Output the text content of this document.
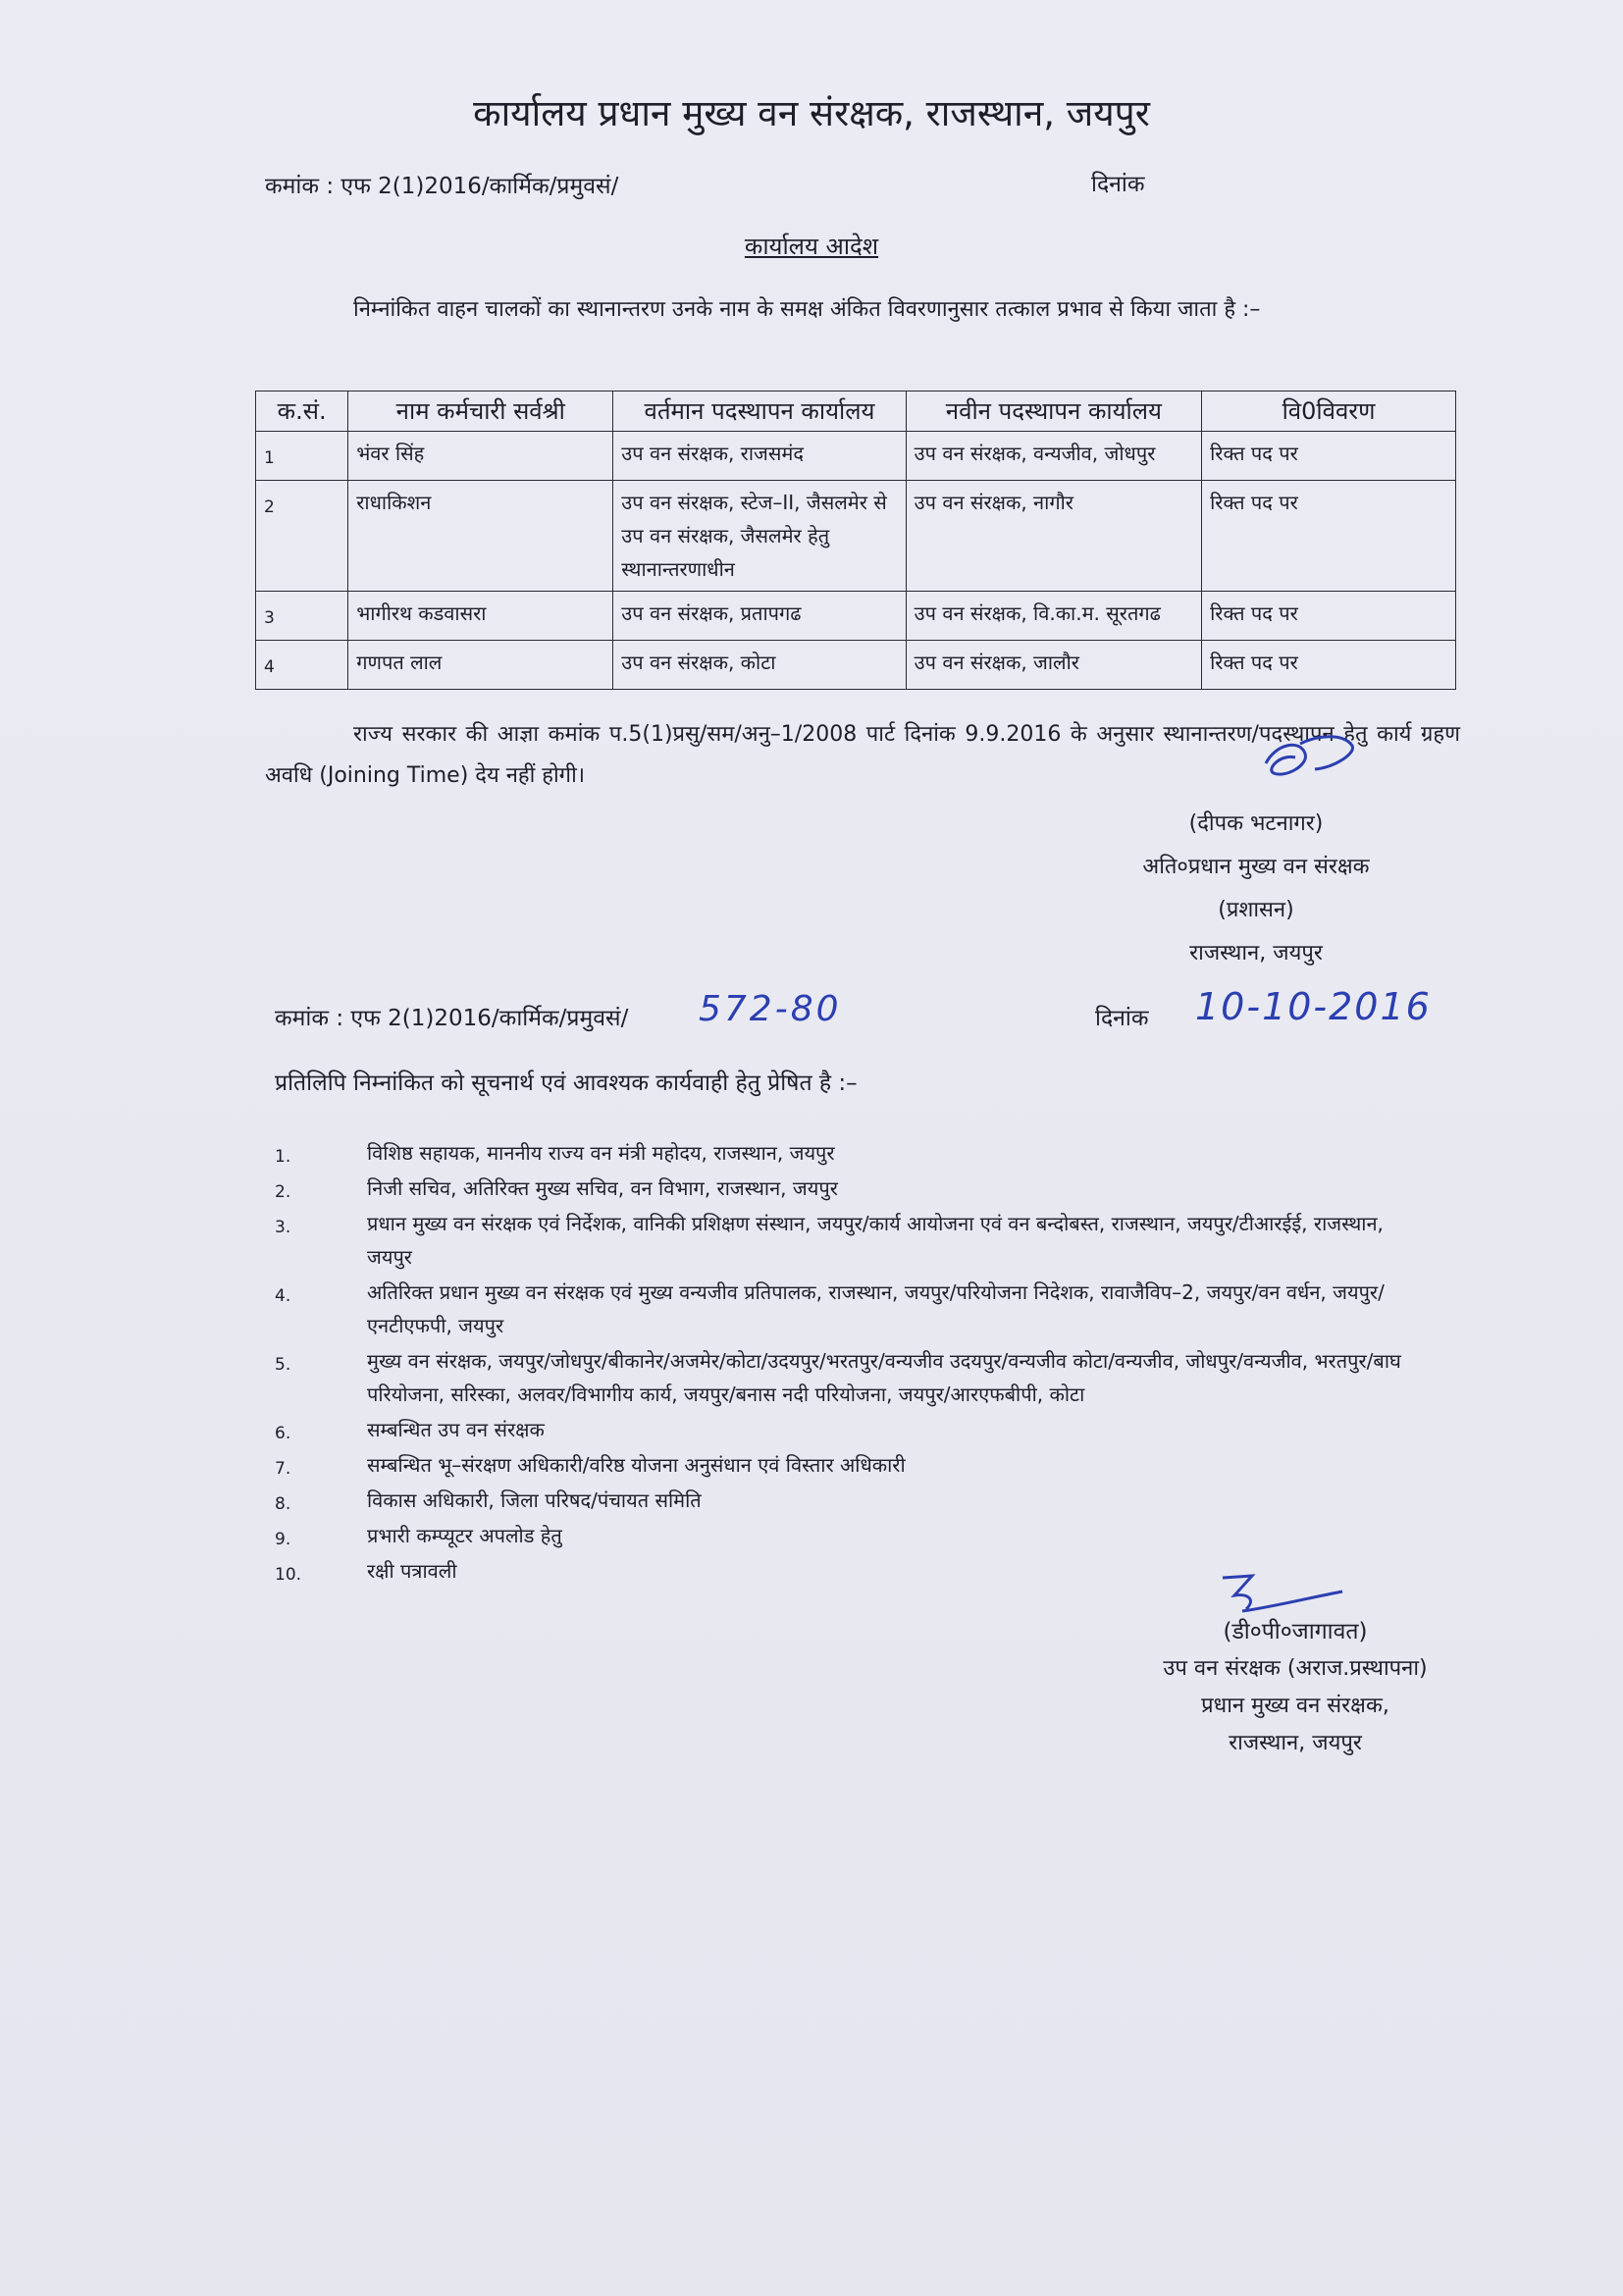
कार्यालय प्रधान मुख्य वन संरक्षक, राजस्थान, जयपुर
कमांक : एफ 2(1)2016/कार्मिक/प्रमुवसं/	दिनांक
कार्यालय आदेश
निम्नांकित वाहन चालकों का स्थानान्तरण उनके नाम के समक्ष अंकित विवरणानुसार तत्काल प्रभाव से किया जाता है :–
क.सं.	नाम कर्मचारी सर्वश्री	वर्तमान पदस्थापन कार्यालय	नवीन पदस्थापन कार्यालय	वि0विवरण
1	भंवर सिंह	उप वन संरक्षक, राजसमंद	उप वन संरक्षक, वन्यजीव, जोधपुर	रिक्त पद पर
2	राधाकिशन	उप वन संरक्षक, स्टेज–II, जैसलमेर से उप वन संरक्षक, जैसलमेर हेतु स्थानान्तरणाधीन	उप वन संरक्षक, नागौर	रिक्त पद पर
3	भागीरथ कडवासरा	उप वन संरक्षक, प्रतापगढ	उप वन संरक्षक, वि.का.म. सूरतगढ	रिक्त पद पर
4	गणपत लाल	उप वन संरक्षक, कोटा	उप वन संरक्षक, जालौर	रिक्त पद पर
राज्य सरकार की आज्ञा कमांक प.5(1)प्रसु/सम/अनु–1/2008 पार्ट दिनांक 9.9.2016 के अनुसार स्थानान्तरण/पदस्थापन हेतु कार्य ग्रहण अवधि (Joining Time) देय नहीं होगी।
(दीपक भटनागर)
अति०प्रधान मुख्य वन संरक्षक
(प्रशासन)
राजस्थान, जयपुर
कमांक : एफ 2(1)2016/कार्मिक/प्रमुवसं/ 572-80	दिनांक 10-10-2016
प्रतिलिपि निम्नांकित को सूचनार्थ एवं आवश्यक कार्यवाही हेतु प्रेषित है :–
1.	विशिष्ठ सहायक, माननीय राज्य वन मंत्री महोदय, राजस्थान, जयपुर
2.	निजी सचिव, अतिरिक्त मुख्य सचिव, वन विभाग, राजस्थान, जयपुर
3.	प्रधान मुख्य वन संरक्षक एवं निर्देशक, वानिकी प्रशिक्षण संस्थान, जयपुर/कार्य आयोजना एवं वन बन्दोबस्त, राजस्थान, जयपुर/टीआरईई, राजस्थान, जयपुर
4.	अतिरिक्त प्रधान मुख्य वन संरक्षक एवं मुख्य वन्यजीव प्रतिपालक, राजस्थान, जयपुर/परियोजना निदेशक, रावाजैविप–2, जयपुर/वन वर्धन, जयपुर/एनटीएफपी, जयपुर
5.	मुख्य वन संरक्षक, जयपुर/जोधपुर/बीकानेर/अजमेर/कोटा/उदयपुर/भरतपुर/वन्यजीव उदयपुर/वन्यजीव कोटा/वन्यजीव, जोधपुर/वन्यजीव, भरतपुर/बाघ परियोजना, सरिस्का, अलवर/विभागीय कार्य, जयपुर/बनास नदी परियोजना, जयपुर/आरएफबीपी, कोटा
6.	सम्बन्धित उप वन संरक्षक
7.	सम्बन्धित भू–संरक्षण अधिकारी/वरिष्ठ योजना अनुसंधान एवं विस्तार अधिकारी
8.	विकास अधिकारी, जिला परिषद/पंचायत समिति
9.	प्रभारी कम्प्यूटर अपलोड हेतु
10.	रक्षी पत्रावली
(डी०पी०जागावत)
उप वन संरक्षक (अराज.प्रस्थापना)
प्रधान मुख्य वन संरक्षक,
राजस्थान, जयपुर
